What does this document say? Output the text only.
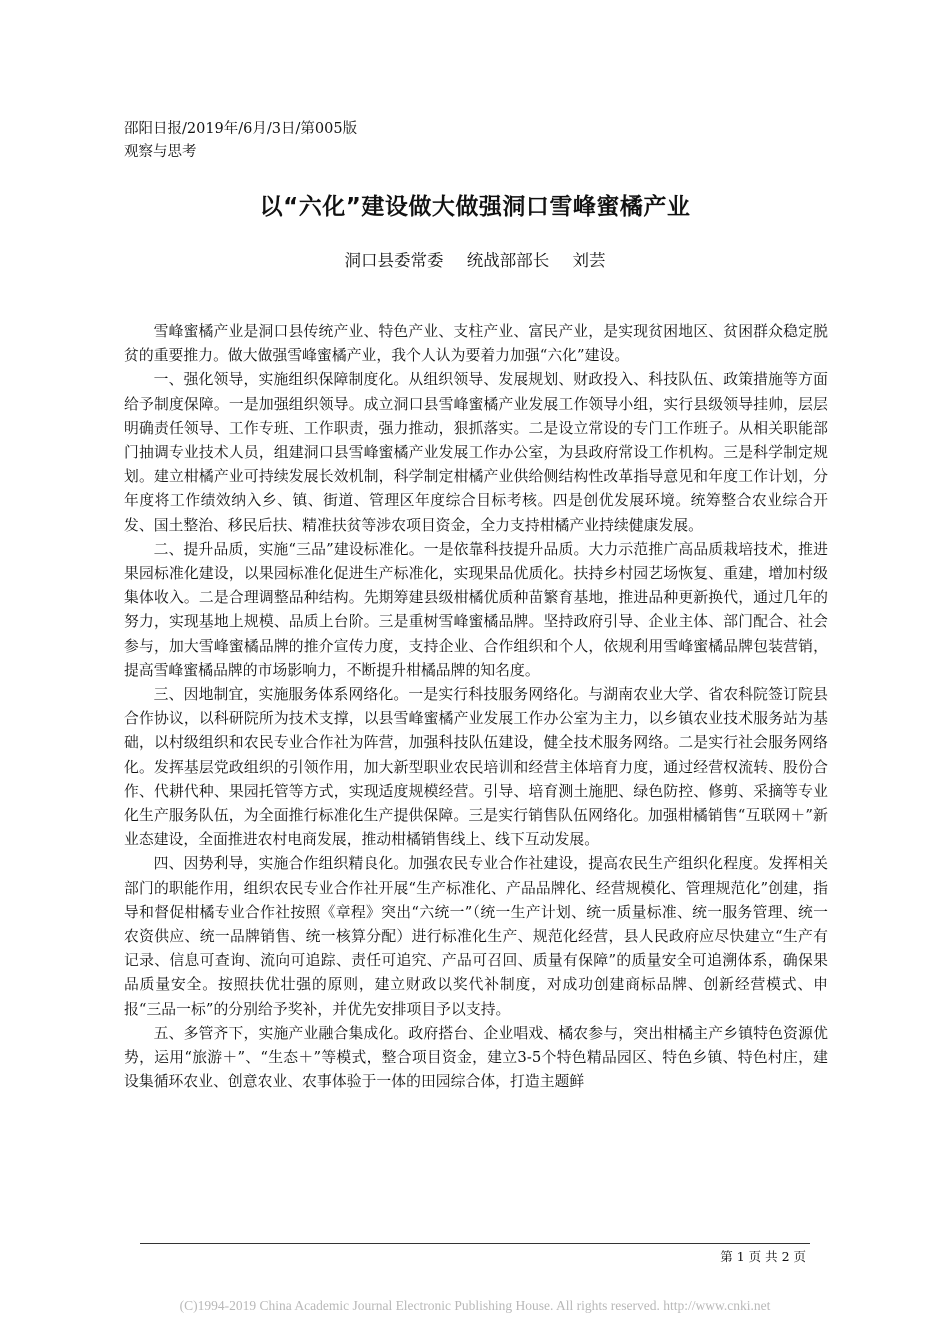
邵阳日报/2019年/6月/3日/第005版
观察与思考
以“六化”建设做大做强洞口雪峰蜜橘产业
洞口县委常委 统战部部长 刘芸

雪峰蜜橘产业是洞口县传统产业、特色产业、支柱产业、富民产业，是实现贫困地区、贫困群众稳定脱贫的重要推力。做大做强雪峰蜜橘产业，我个人认为要着力加强“六化”建设。

一、强化领导，实施组织保障制度化。从组织领导、发展规划、财政投入、科技队伍、政策措施等方面给予制度保障。一是加强组织领导。成立洞口县雪峰蜜橘产业发展工作领导小组，实行县级领导挂帅，层层明确责任领导、工作专班、工作职责，强力推动，狠抓落实。二是设立常设的专门工作班子。从相关职能部门抽调专业技术人员，组建洞口县雪峰蜜橘产业发展工作办公室，为县政府常设工作机构。三是科学制定规划。建立柑橘产业可持续发展长效机制，科学制定柑橘产业供给侧结构性改革指导意见和年度工作计划，分年度将工作绩效纳入乡、镇、街道、管理区年度综合目标考核。四是创优发展环境。统筹整合农业综合开发、国土整治、移民后扶、精准扶贫等涉农项目资金，全力支持柑橘产业持续健康发展。

二、提升品质，实施“三品”建设标准化。一是依靠科技提升品质。大力示范推广高品质栽培技术，推进果园标准化建设，以果园标准化促进生产标准化，实现果品优质化。扶持乡村园艺场恢复、重建，增加村级集体收入。二是合理调整品种结构。先期筹建县级柑橘优质种苗繁育基地，推进品种更新换代，通过几年的努力，实现基地上规模、品质上台阶。三是重树雪峰蜜橘品牌。坚持政府引导、企业主体、部门配合、社会参与，加大雪峰蜜橘品牌的推介宣传力度，支持企业、合作组织和个人，依规利用雪峰蜜橘品牌包装营销，提高雪峰蜜橘品牌的市场影响力，不断提升柑橘品牌的知名度。

三、因地制宜，实施服务体系网络化。一是实行科技服务网络化。与湖南农业大学、省农科院签订院县合作协议，以科研院所为技术支撑，以县雪峰蜜橘产业发展工作办公室为主力，以乡镇农业技术服务站为基础，以村级组织和农民专业合作社为阵营，加强科技队伍建设，健全技术服务网络。二是实行社会服务网络化。发挥基层党政组织的引领作用，加大新型职业农民培训和经营主体培育力度，通过经营权流转、股份合作、代耕代种、果园托管等方式，实现适度规模经营。引导、培育测土施肥、绿色防控、修剪、采摘等专业化生产服务队伍，为全面推行标准化生产提供保障。三是实行销售队伍网络化。加强柑橘销售“互联网＋”新业态建设，全面推进农村电商发展，推动柑橘销售线上、线下互动发展。

四、因势利导，实施合作组织精良化。加强农民专业合作社建设，提高农民生产组织化程度。发挥相关部门的职能作用，组织农民专业合作社开展“生产标准化、产品品牌化、经营规模化、管理规范化”创建，指导和督促柑橘专业合作社按照《章程》突出“六统一”（统一生产计划、统一质量标准、统一服务管理、统一农资供应、统一品牌销售、统一核算分配）进行标准化生产、规范化经营，县人民政府应尽快建立“生产有记录、信息可查询、流向可追踪、责任可追究、产品可召回、质量有保障”的质量安全可追溯体系，确保果品质量安全。按照扶优壮强的原则，建立财政以奖代补制度，对成功创建商标品牌、创新经营模式、申报“三品一标”的分别给予奖补，并优先安排项目予以支持。

五、多管齐下，实施产业融合集成化。政府搭台、企业唱戏、橘农参与，突出柑橘主产乡镇特色资源优势，运用“旅游＋”、“生态＋”等模式，整合项目资金，建立3-5个特色精品园区、特色乡镇、特色村庄，建设集循环农业、创意农业、农事体验于一体的田园综合体，打造主题鲜

第 1 页 共 2 页
(C)1994-2019 China Academic Journal Electronic Publishing House. All rights reserved. http://www.cnki.net
